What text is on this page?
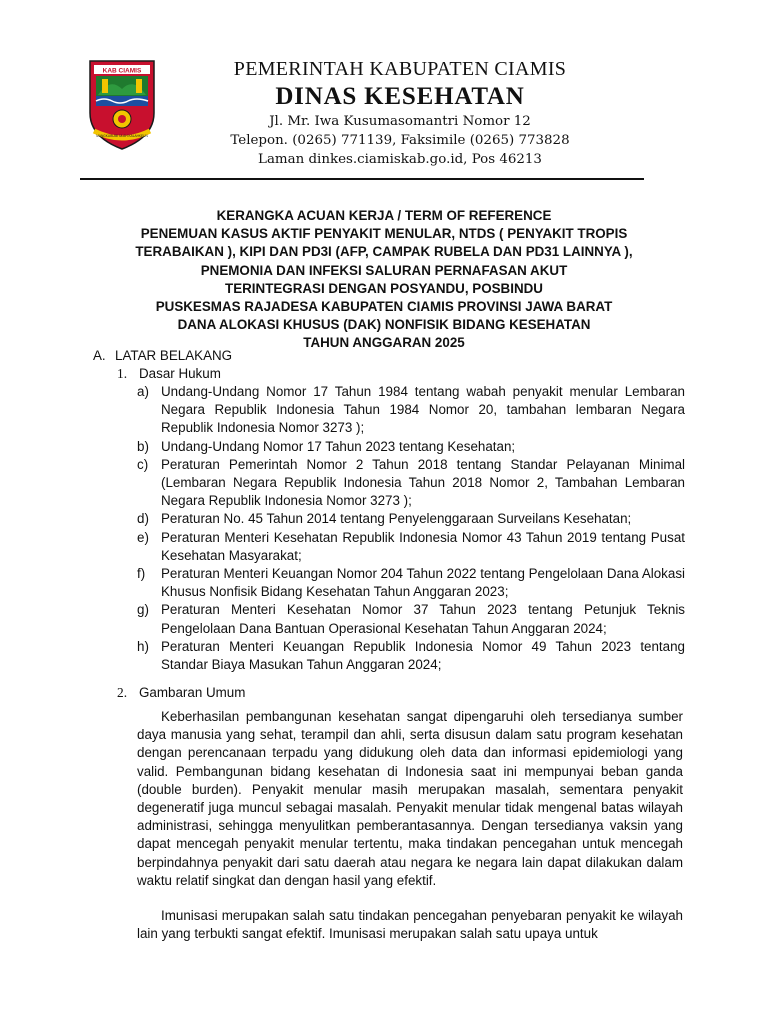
KAB CIAMIS
MANGKUBUMI ULAH KALAHKEUN
PEMERINTAH KABUPATEN CIAMIS
DINAS KESEHATAN
Jl. Mr. Iwa Kusumasomantri Nomor 12
Telepon. (0265) 771139, Faksimile (0265) 773828
Laman dinkes.ciamiskab.go.id, Pos 46213
KERANGKA ACUAN KERJA / TERM OF REFERENCE
PENEMUAN KASUS AKTIF PENYAKIT MENULAR, NTDS ( PENYAKIT TROPIS
TERABAIKAN ), KIPI DAN PD3I (AFP, CAMPAK RUBELA DAN PD31 LAINNYA ),
PNEMONIA DAN INFEKSI SALURAN PERNAFASAN AKUT
TERINTEGRASI DENGAN POSYANDU, POSBINDU
PUSKESMAS RAJADESA KABUPATEN CIAMIS PROVINSI JAWA BARAT
DANA ALOKASI KHUSUS (DAK) NONFISIK BIDANG KESEHATAN
TAHUN ANGGARAN 2025
A. LATAR BELAKANG
1. Dasar Hukum
a) Undang-Undang Nomor 17 Tahun 1984 tentang wabah penyakit menular Lembaran Negara Republik Indonesia Tahun 1984 Nomor 20, tambahan lembaran Negara Republik Indonesia Nomor 3273 );
b) Undang-Undang Nomor 17 Tahun 2023 tentang Kesehatan;
c) Peraturan Pemerintah Nomor 2 Tahun 2018 tentang Standar Pelayanan Minimal (Lembaran Negara Republik Indonesia Tahun 2018 Nomor 2, Tambahan Lembaran Negara Republik Indonesia Nomor 3273 );
d) Peraturan No. 45 Tahun 2014 tentang Penyelenggaraan Surveilans Kesehatan;
e) Peraturan Menteri Kesehatan Republik Indonesia Nomor 43 Tahun 2019 tentang Pusat Kesehatan Masyarakat;
f) Peraturan Menteri Keuangan Nomor 204 Tahun 2022 tentang Pengelolaan Dana Alokasi Khusus Nonfisik Bidang Kesehatan Tahun Anggaran 2023;
g) Peraturan Menteri Kesehatan Nomor 37 Tahun 2023 tentang Petunjuk Teknis Pengelolaan Dana Bantuan Operasional Kesehatan Tahun Anggaran 2024;
h) Peraturan Menteri Keuangan Republik Indonesia Nomor 49 Tahun 2023 tentang Standar Biaya Masukan Tahun Anggaran 2024;
2. Gambaran Umum

Keberhasilan pembangunan kesehatan sangat dipengaruhi oleh tersedianya sumber daya manusia yang sehat, terampil dan ahli, serta disusun dalam satu program kesehatan dengan perencanaan terpadu yang didukung oleh data dan informasi epidemiologi yang valid. Pembangunan bidang kesehatan di Indonesia saat ini mempunyai beban ganda (double burden). Penyakit menular masih merupakan masalah, sementara penyakit degeneratif juga muncul sebagai masalah. Penyakit menular tidak mengenal batas wilayah administrasi, sehingga menyulitkan pemberantasannya. Dengan tersedianya vaksin yang dapat mencegah penyakit menular tertentu, maka tindakan pencegahan untuk mencegah berpindahnya penyakit dari satu daerah atau negara ke negara lain dapat dilakukan dalam waktu relatif singkat dan dengan hasil yang efektif.

Imunisasi merupakan salah satu tindakan pencegahan penyebaran penyakit ke wilayah lain yang terbukti sangat efektif. Imunisasi merupakan salah satu upaya untuk
